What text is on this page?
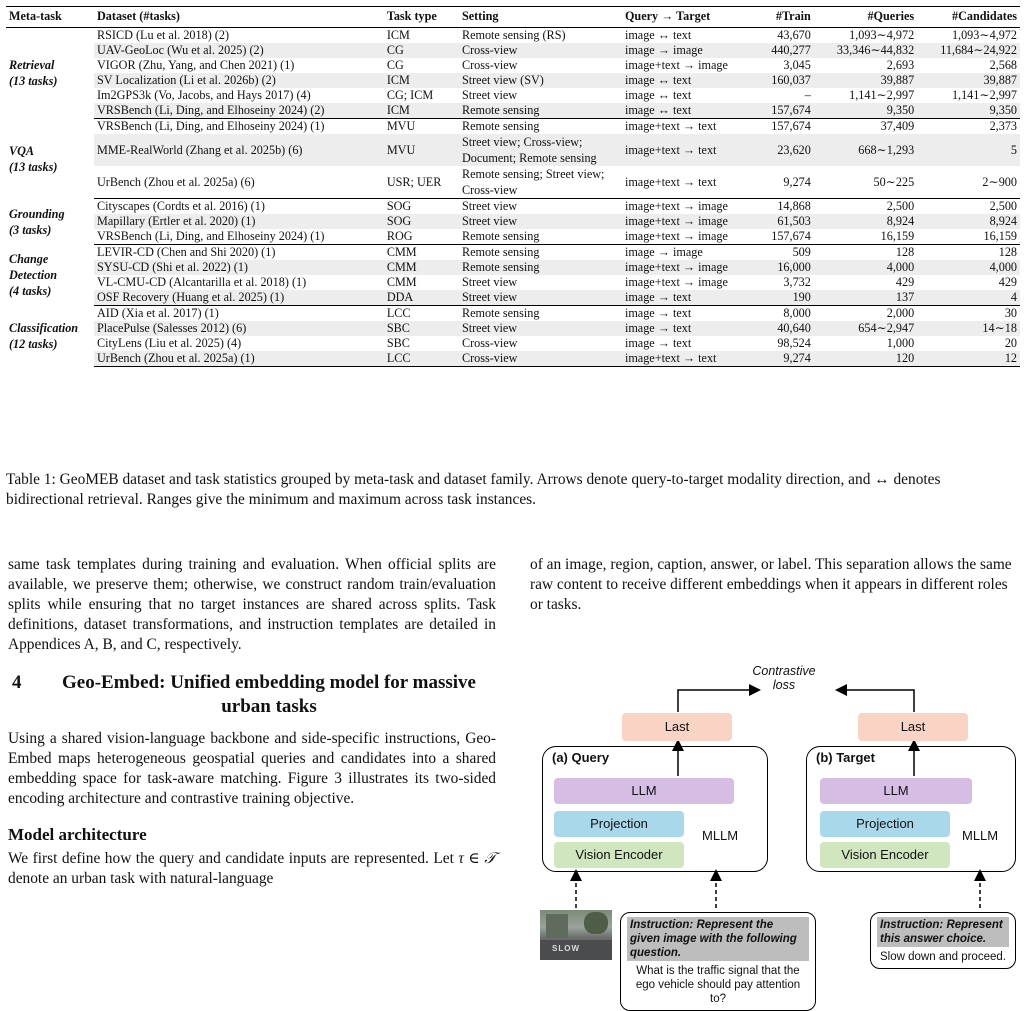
Meta-task	Dataset (#tasks)	Task type	Setting	Query → Target	#Train	#Queries	#Candidates

Retrieval
(13 tasks)	RSICD (Lu et al. 2018) (2)	ICM	Remote sensing (RS)	image ↔ text	43,670	1,093∼4,972	1,093∼4,972
	UAV-GeoLoc (Wu et al. 2025) (2)	CG	Cross-view	image → image	440,277	33,346∼44,832	11,684∼24,922
	VIGOR (Zhu, Yang, and Chen 2021) (1)	CG	Cross-view	image+text → image	3,045	2,693	2,568
	SV Localization (Li et al. 2026b) (2)	ICM	Street view (SV)	image ↔ text	160,037	39,887	39,887
	Im2GPS3k (Vo, Jacobs, and Hays 2017) (4)	CG; ICM	Street view	image ↔ text	–	1,141∼2,997	1,141∼2,997
	VRSBench (Li, Ding, and Elhoseiny 2024) (2)	ICM	Remote sensing	image ↔ text	157,674	9,350	9,350

VQA
(13 tasks)	VRSBench (Li, Ding, and Elhoseiny 2024) (1)	MVU	Remote sensing	image+text → text	157,674	37,409	2,373
	MME-RealWorld (Zhang et al. 2025b) (6)	MVU	Street view; Cross-view; Document; Remote sensing	image+text → text	23,620	668∼1,293	5
	UrBench (Zhou et al. 2025a) (6)	USR; UER	Remote sensing; Street view; Cross-view	image+text → text	9,274	50∼225	2∼900

Grounding
(3 tasks)	Cityscapes (Cordts et al. 2016) (1)	SOG	Street view	image+text → image	14,868	2,500	2,500
	Mapillary (Ertler et al. 2020) (1)	SOG	Street view	image+text → image	61,503	8,924	8,924
	VRSBench (Li, Ding, and Elhoseiny 2024) (1)	ROG	Remote sensing	image+text → image	157,674	16,159	16,159

Change Detection
(4 tasks)	LEVIR-CD (Chen and Shi 2020) (1)	CMM	Remote sensing	image → image	509	128	128
	SYSU-CD (Shi et al. 2022) (1)	CMM	Remote sensing	image+text → image	16,000	4,000	4,000
	VL-CMU-CD (Alcantarilla et al. 2018) (1)	CMM	Street view	image+text → image	3,732	429	429
	OSF Recovery (Huang et al. 2025) (1)	DDA	Street view	image → text	190	137	4

Classification
(12 tasks)	AID (Xia et al. 2017) (1)	LCC	Remote sensing	image → text	8,000	2,000	30
	PlacePulse (Salesses 2012) (6)	SBC	Street view	image → text	40,640	654∼2,947	14∼18
	CityLens (Liu et al. 2025) (4)	SBC	Cross-view	image → text	98,524	1,000	20
	UrBench (Zhou et al. 2025a) (1)	LCC	Cross-view	image+text → text	9,274	120	12
Table 1: GeoMEB dataset and task statistics grouped by meta-task and dataset family. Arrows denote query-to-target modality direction, and ↔ denotes bidirectional retrieval. Ranges give the minimum and maximum across task instances.

same task templates during training and evaluation. When official splits are available, we preserve them; otherwise, we construct random train/evaluation splits while ensuring that no target instances are shared across splits. Task definitions, dataset transformations, and instruction templates are detailed in Appendices A, B, and C, respectively.

4	Geo-Embed: Unified embedding model for massive urban tasks

Using a shared vision-language backbone and side-specific instructions, Geo-Embed maps heterogeneous geospatial queries and candidates into a shared embedding space for task-aware matching. Figure 3 illustrates its two-sided encoding architecture and contrastive training objective.

Model architecture

We first define how the query and candidate inputs are represented. Let τ ∈ 𝒯 denote an urban task with natural-language

of an image, region, caption, answer, or label. This separation allows the same raw content to receive different embeddings when it appears in different roles or tasks.

Contrastive loss
Last	Last
(a) Query	(b) Target
LLM	LLM
Projection	Projection
Vision Encoder	Vision Encoder
MLLM	MLLM
SLOW
Instruction: Represent the given image with the following question.
What is the traffic signal that the ego vehicle should pay attention to?
Instruction: Represent this answer choice.
Slow down and proceed.
